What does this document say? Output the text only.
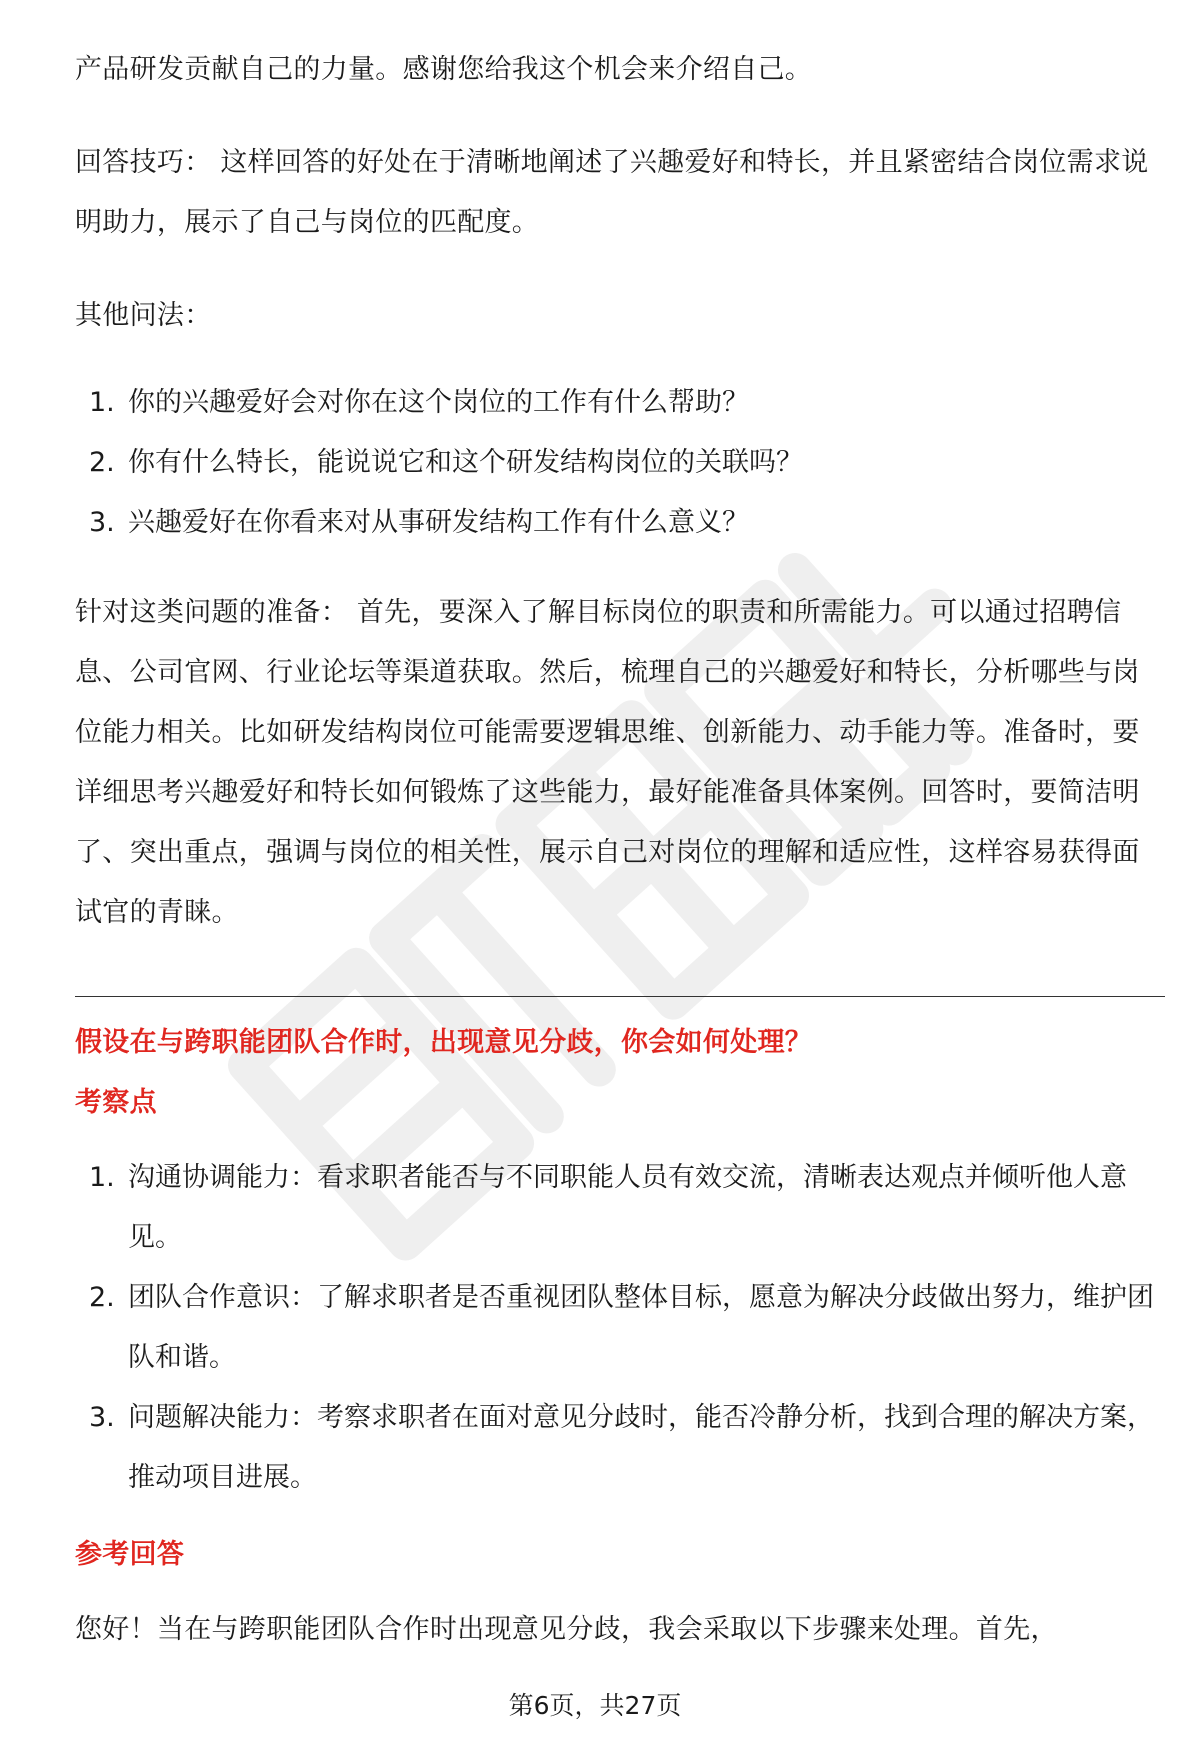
产品研发贡献自己的力量。感谢您给我这个机会来介绍自己。

回答技巧： 这样回答的好处在于清晰地阐述了兴趣爱好和特长，并且紧密结合岗位需求说明助力，展示了自己与岗位的匹配度。

其他问法：

1. 你的兴趣爱好会对你在这个岗位的工作有什么帮助？
2. 你有什么特长，能说说它和这个研发结构岗位的关联吗？
3. 兴趣爱好在你看来对从事研发结构工作有什么意义？

针对这类问题的准备： 首先，要深入了解目标岗位的职责和所需能力。可以通过招聘信息、公司官网、行业论坛等渠道获取。然后，梳理自己的兴趣爱好和特长，分析哪些与岗位能力相关。比如研发结构岗位可能需要逻辑思维、创新能力、动手能力等。准备时，要详细思考兴趣爱好和特长如何锻炼了这些能力，最好能准备具体案例。回答时，要简洁明了、突出重点，强调与岗位的相关性，展示自己对岗位的理解和适应性，这样容易获得面试官的青睐。

假设在与跨职能团队合作时，出现意见分歧，你会如何处理？

考察点

1. 沟通协调能力：看求职者能否与不同职能人员有效交流，清晰表达观点并倾听他人意见。
2. 团队合作意识：了解求职者是否重视团队整体目标，愿意为解决分歧做出努力，维护团队和谐。
3. 问题解决能力：考察求职者在面对意见分歧时，能否冷静分析，找到合理的解决方案，推动项目进展。

参考回答

您好！当在与跨职能团队合作时出现意见分歧，我会采取以下步骤来处理。首先，

第6页，共27页
